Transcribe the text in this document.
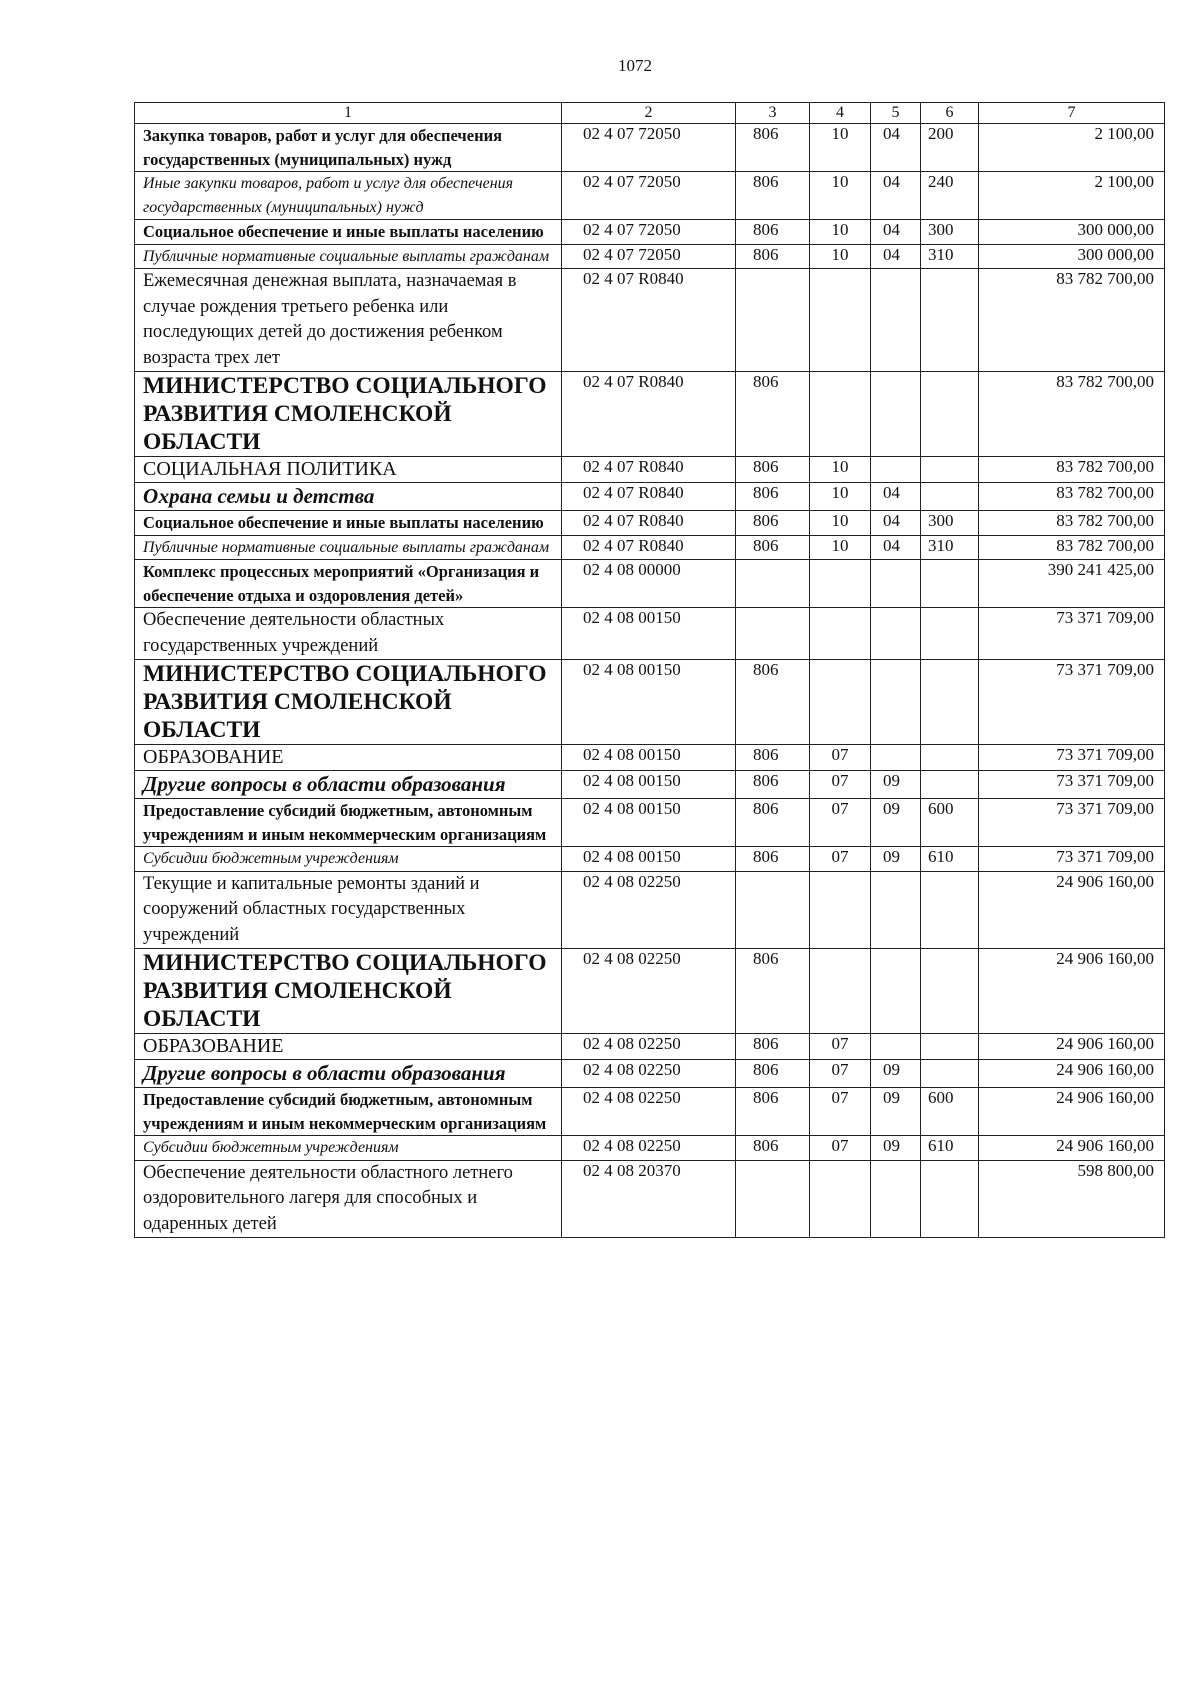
1072
1	2	3	4	5	6	7
Закупка товаров, работ и услуг для обеспечения государственных (муниципальных) нужд	02 4 07 72050	806	10	04	200	2 100,00
Иные закупки товаров, работ и услуг для обеспечения государственных (муниципальных) нужд	02 4 07 72050	806	10	04	240	2 100,00
Социальное обеспечение и иные выплаты населению	02 4 07 72050	806	10	04	300	300 000,00
Публичные нормативные социальные выплаты гражданам	02 4 07 72050	806	10	04	310	300 000,00
Ежемесячная денежная выплата, назначаемая в случае рождения третьего ребенка или последующих детей до достижения ребенком возраста трех лет	02 4 07 R0840					83 782 700,00
МИНИСТЕРСТВО СОЦИАЛЬНОГО РАЗВИТИЯ СМОЛЕНСКОЙ ОБЛАСТИ	02 4 07 R0840	806				83 782 700,00
СОЦИАЛЬНАЯ ПОЛИТИКА	02 4 07 R0840	806	10			83 782 700,00
Охрана семьи и детства	02 4 07 R0840	806	10	04		83 782 700,00
Социальное обеспечение и иные выплаты населению	02 4 07 R0840	806	10	04	300	83 782 700,00
Публичные нормативные социальные выплаты гражданам	02 4 07 R0840	806	10	04	310	83 782 700,00
Комплекс процессных мероприятий «Организация и обеспечение отдыха и оздоровления детей»	02 4 08 00000					390 241 425,00
Обеспечение деятельности областных государственных учреждений	02 4 08 00150					73 371 709,00
МИНИСТЕРСТВО СОЦИАЛЬНОГО РАЗВИТИЯ СМОЛЕНСКОЙ ОБЛАСТИ	02 4 08 00150	806				73 371 709,00
ОБРАЗОВАНИЕ	02 4 08 00150	806	07			73 371 709,00
Другие вопросы в области образования	02 4 08 00150	806	07	09		73 371 709,00
Предоставление субсидий бюджетным, автономным учреждениям и иным некоммерческим организациям	02 4 08 00150	806	07	09	600	73 371 709,00
Субсидии бюджетным учреждениям	02 4 08 00150	806	07	09	610	73 371 709,00
Текущие и капитальные ремонты зданий и сооружений областных государственных учреждений	02 4 08 02250					24 906 160,00
МИНИСТЕРСТВО СОЦИАЛЬНОГО РАЗВИТИЯ СМОЛЕНСКОЙ ОБЛАСТИ	02 4 08 02250	806				24 906 160,00
ОБРАЗОВАНИЕ	02 4 08 02250	806	07			24 906 160,00
Другие вопросы в области образования	02 4 08 02250	806	07	09		24 906 160,00
Предоставление субсидий бюджетным, автономным учреждениям и иным некоммерческим организациям	02 4 08 02250	806	07	09	600	24 906 160,00
Субсидии бюджетным учреждениям	02 4 08 02250	806	07	09	610	24 906 160,00
Обеспечение деятельности областного летнего оздоровительного лагеря для способных и одаренных детей	02 4 08 20370					598 800,00
